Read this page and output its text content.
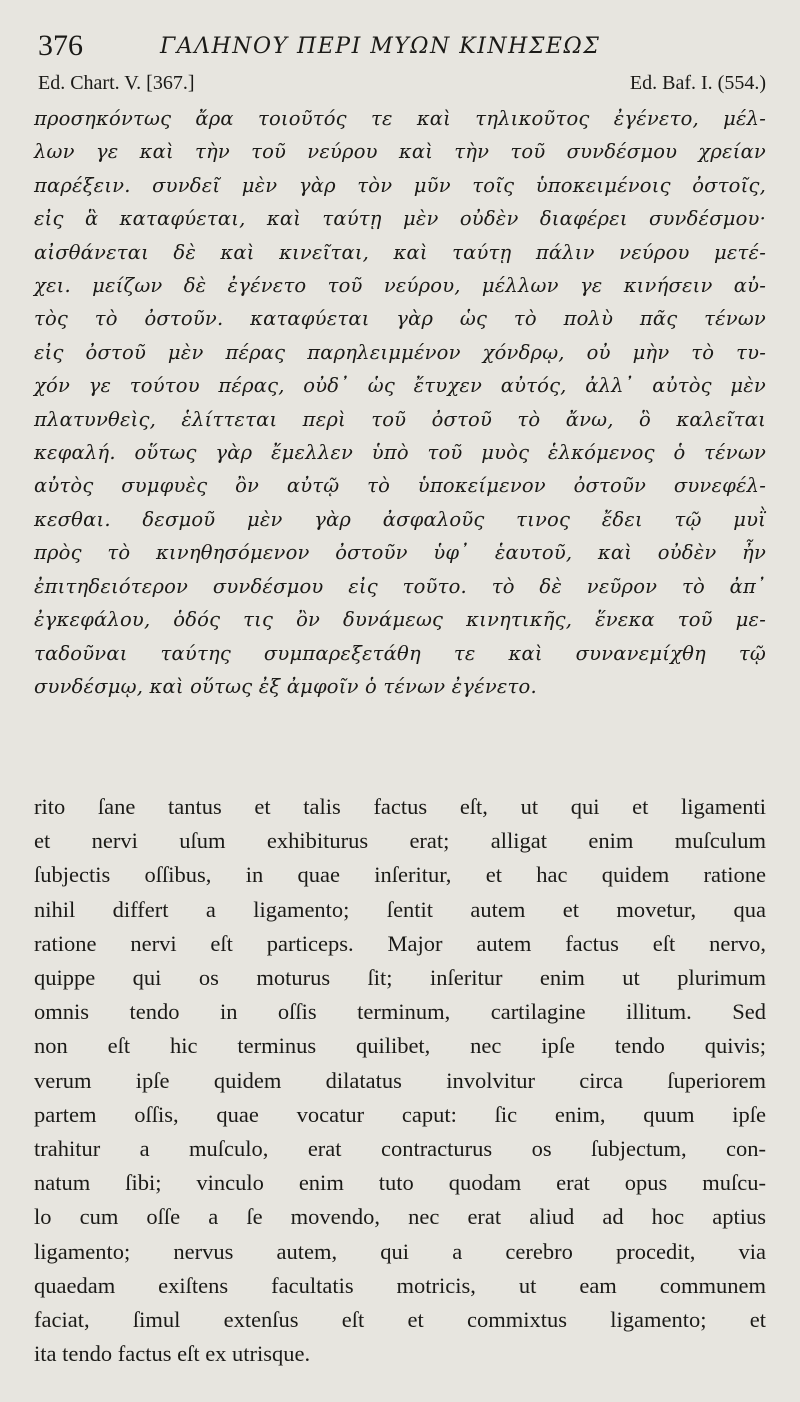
376	ΓΑΛΗΝΟΥ ΠΕΡΙ ΜΥΩΝ ΚΙΝΗΣΕΩΣ
Ed. Chart. V. [367.]	Ed. Baf. I. (554.)
προσηκόντως ἄρα τοιοῦτός τε καὶ τηλικοῦτος ἐγένετο, μέλ-
λων γε καὶ τὴν τοῦ νεύρου καὶ τὴν τοῦ συνδέσμου χρείαν
παρέξειν. συνδεῖ μὲν γὰρ τὸν μῦν τοῖς ὑποκειμένοις ὀστοῖς,
εἰς ἃ καταφύεται, καὶ ταύτῃ μὲν οὐδὲν διαφέρει συνδέσμου·
αἰσθάνεται δὲ καὶ κινεῖται, καὶ ταύτῃ πάλιν νεύρου μετέ-
χει. μείζων δὲ ἐγένετο τοῦ νεύρου, μέλλων γε κινήσειν αὐ-
τὸς τὸ ὀστοῦν. καταφύεται γὰρ ὡς τὸ πολὺ πᾶς τένων
εἰς ὀστοῦ μὲν πέρας παρηλειμμένον χόνδρῳ, οὐ μὴν τὸ τυ-
χόν γε τούτου πέρας, οὐδ᾽ ὡς ἔτυχεν αὐτός, ἀλλ᾽ αὐτὸς μὲν
πλατυνθεὶς, ἑλίττεται περὶ τοῦ ὀστοῦ τὸ ἄνω, ὃ καλεῖται
κεφαλή. οὕτως γὰρ ἔμελλεν ὑπὸ τοῦ μυὸς ἑλκόμενος ὁ τένων
αὐτὸς συμφυὲς ὂν αὐτῷ τὸ ὑποκείμενον ὀστοῦν συνεφέλ-
κεσθαι. δεσμοῦ μὲν γὰρ ἀσφαλοῦς τινος ἔδει τῷ μυῒ
πρὸς τὸ κινηθησόμενον ὀστοῦν ὑφ᾽ ἑαυτοῦ, καὶ οὐδὲν ἦν
ἐπιτηδειότερον συνδέσμου εἰς τοῦτο. τὸ δὲ νεῦρον τὸ ἀπ᾽
ἐγκεφάλου, ὁδός τις ὂν δυνάμεως κινητικῆς, ἕνεκα τοῦ με-
ταδοῦναι ταύτης συμπαρεξετάθη τε καὶ συνανεμίχθη τῷ
συνδέσμῳ, καὶ οὕτως ἐξ ἀμφοῖν ὁ τένων ἐγένετο.
rito ſane tantus et talis factus eſt, ut qui et ligamenti
et nervi uſum exhibiturus erat; alligat enim muſculum
ſubjectis oſſibus, in quae inſeritur, et hac quidem ratione
nihil differt a ligamento; ſentit autem et movetur, qua
ratione nervi eſt particeps. Major autem factus eſt nervo,
quippe qui os moturus ſit; inſeritur enim ut plurimum
omnis tendo in oſſis terminum, cartilagine illitum. Sed
non eſt hic terminus quilibet, nec ipſe tendo quivis;
verum ipſe quidem dilatatus involvitur circa ſuperiorem
partem oſſis, quae vocatur caput: ſic enim, quum ipſe
trahitur a muſculo, erat contracturus os ſubjectum, con-
natum ſibi; vinculo enim tuto quodam erat opus muſcu-
lo cum oſſe a ſe movendo, nec erat aliud ad hoc aptius
ligamento; nervus autem, qui a cerebro procedit, via
quaedam exiſtens facultatis motricis, ut eam communem
faciat, ſimul extenſus eſt et commixtus ligamento; et
ita tendo factus eſt ex utrisque.
